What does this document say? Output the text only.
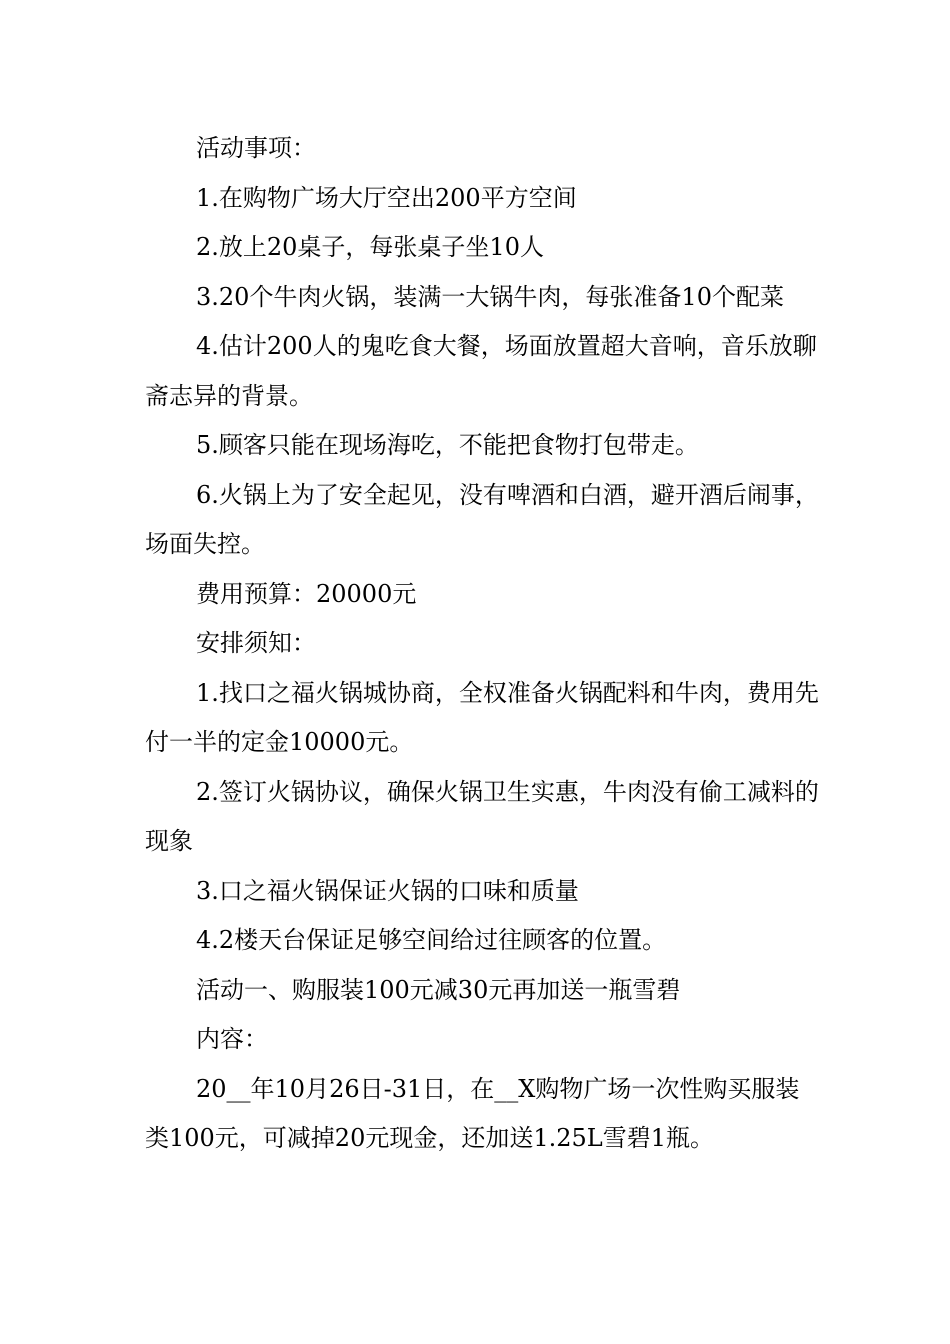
活动事项：

1.在购物广场大厅空出200平方空间

2.放上20桌子，每张桌子坐10人

3.20个牛肉火锅，装满一大锅牛肉，每张准备10个配菜

4.估计200人的鬼吃食大餐，场面放置超大音响，音乐放聊斋志异的背景。

5.顾客只能在现场海吃，不能把食物打包带走。

6.火锅上为了安全起见，没有啤酒和白酒，避开酒后闹事，场面失控。

费用预算：20000元

安排须知：

1.找口之福火锅城协商，全权准备火锅配料和牛肉，费用先付一半的定金10000元。

2.签订火锅协议，确保火锅卫生实惠，牛肉没有偷工减料的现象

3.口之福火锅保证火锅的口味和质量

4.2楼天台保证足够空间给过往顾客的位置。

活动一、购服装100元减30元再加送一瓶雪碧

内容：

20__年10月26日-31日，在__X购物广场一次性购买服装类100元，可减掉20元现金，还加送1.25L雪碧1瓶。
